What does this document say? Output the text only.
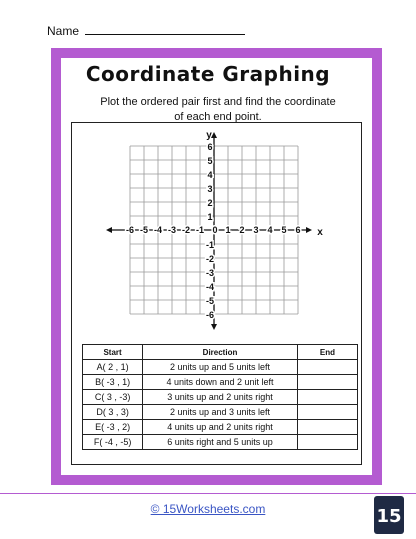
Name
Coordinate Graphing
Plot the ordered pair first and find the coordinate
of each end point.
-6 -5 -4 -3 -2 -1 0 1 2 3 4 5 6
6
5
4
3
2
1
-1
-2
-3
-4
-5
-6
x
y
Start	Direction	End
A( 2 , 1)	2 units up and 5 units left	
B( -3 , 1)	4 units down and 2 unit left	
C( 3 , -3)	3 units up and 2 units right	
D( 3 , 3)	2 units up and 3 units left	
E( -3 , 2)	4 units up and 2 units right	
F( -4 , -5)	6 units right and 5 units up	
© 15Worksheets.com	15
